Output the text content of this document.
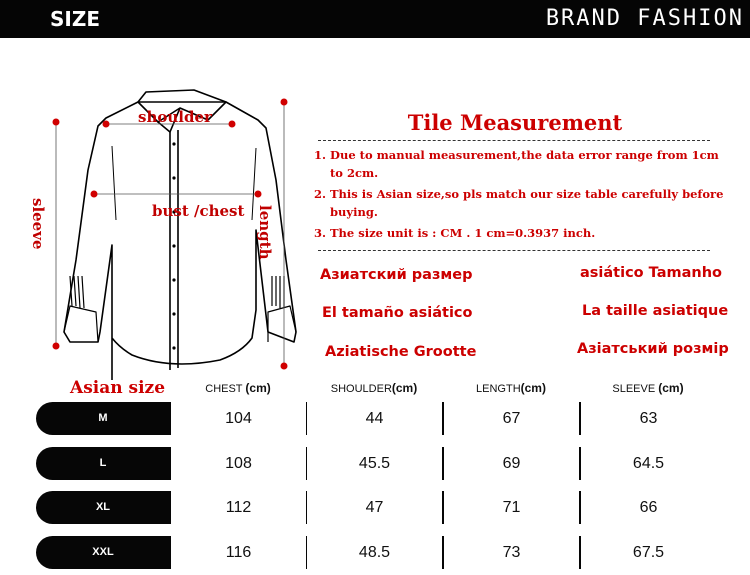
SIZE	BRAND FASHION
shoulder
bust /chest
sleeve	length
Tile Measurement
1. Due to manual measurement,the data error range from 1cm to 2cm.
2. This is Asian size,so pls match our size table carefully before buying.
3. The size unit is : CM . 1 cm=0.3937 inch.
Азиатский размер	asiático Tamanho
El tamaño asiático	La taille asiatique
Aziatische Grootte	Азіатський розмір
Asian size	CHEST (cm)	SHOULDER(cm)	LENGTH(cm)	SLEEVE (cm)
M	104	44	67	63
L	108	45.5	69	64.5
XL	112	47	71	66
XXL	116	48.5	73	67.5
